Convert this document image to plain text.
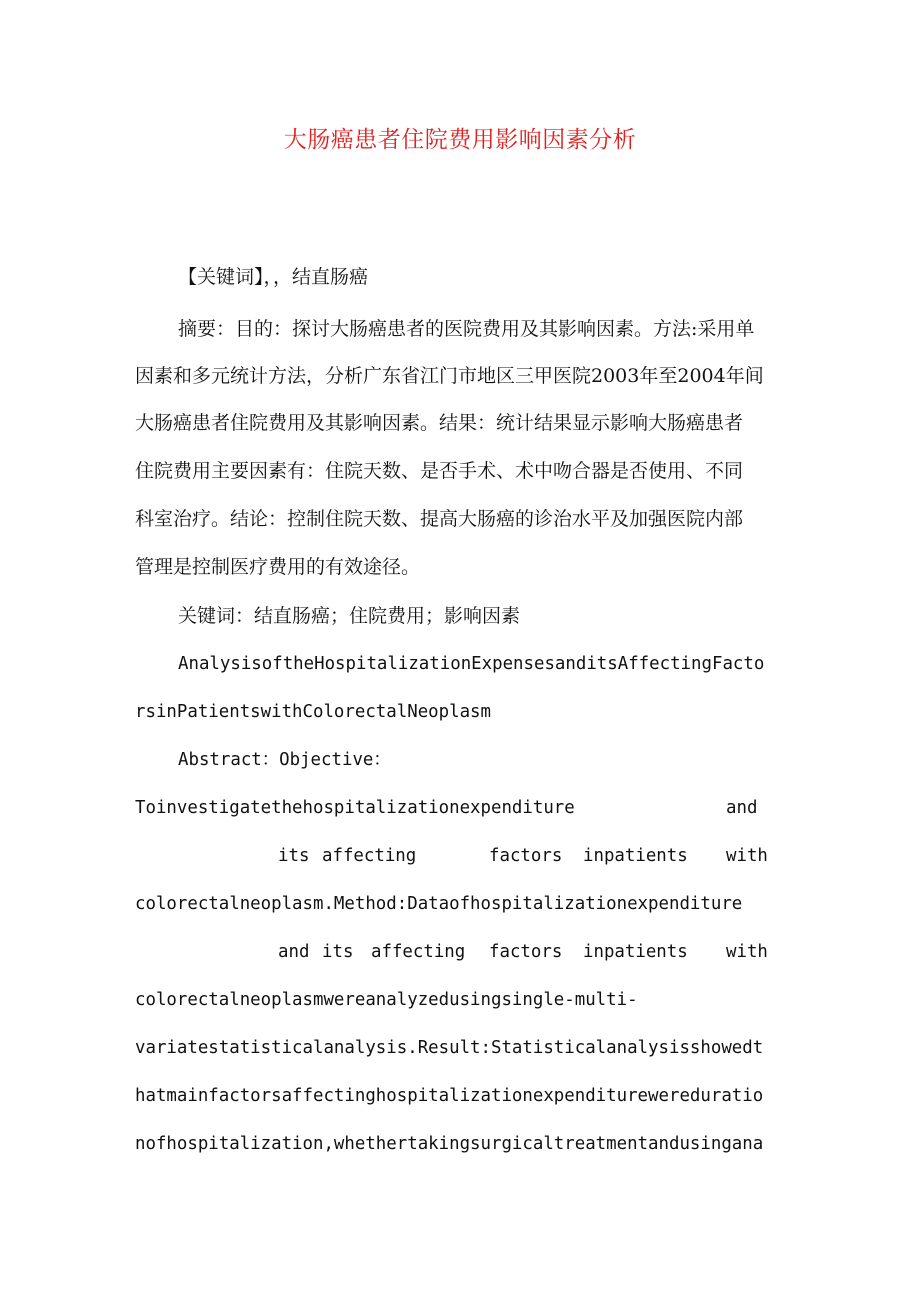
大肠癌患者住院费用影响因素分析
【关键词】，，结直肠癌
摘要：目的：探讨大肠癌患者的医院费用及其影响因素。方法:采用单
因素和多元统计方法，分析广东省江门市地区三甲医院2003年至2004年间
大肠癌患者住院费用及其影响因素。结果：统计结果显示影响大肠癌患者
住院费用主要因素有：住院天数、是否手术、术中吻合器是否使用、不同
科室治疗。结论：控制住院天数、提高大肠癌的诊治水平及加强医院内部
管理是控制医疗费用的有效途径。
关键词：结直肠癌；住院费用；影响因素
AnalysisoftheHospitalizationExpensesanditsAffectingFacto
rsinPatientswithColorectalNeoplasm
Abstract：Objective：
Toinvestigatethehospitalizationexpenditure	and
its affecting	factors inpatients with
colorectalneoplasm.Method:Dataofhospitalizationexpenditure
and its affecting factors inpatients with
colorectalneoplasmwereanalyzedusingsingle-multi-
variatestatisticalanalysis.Result:Statisticalanalysisshowedt
hatmainfactorsaffectinghospitalizationexpenditurewereduratio
nofhospitalization,whethertakingsurgicaltreatmentandusingana
